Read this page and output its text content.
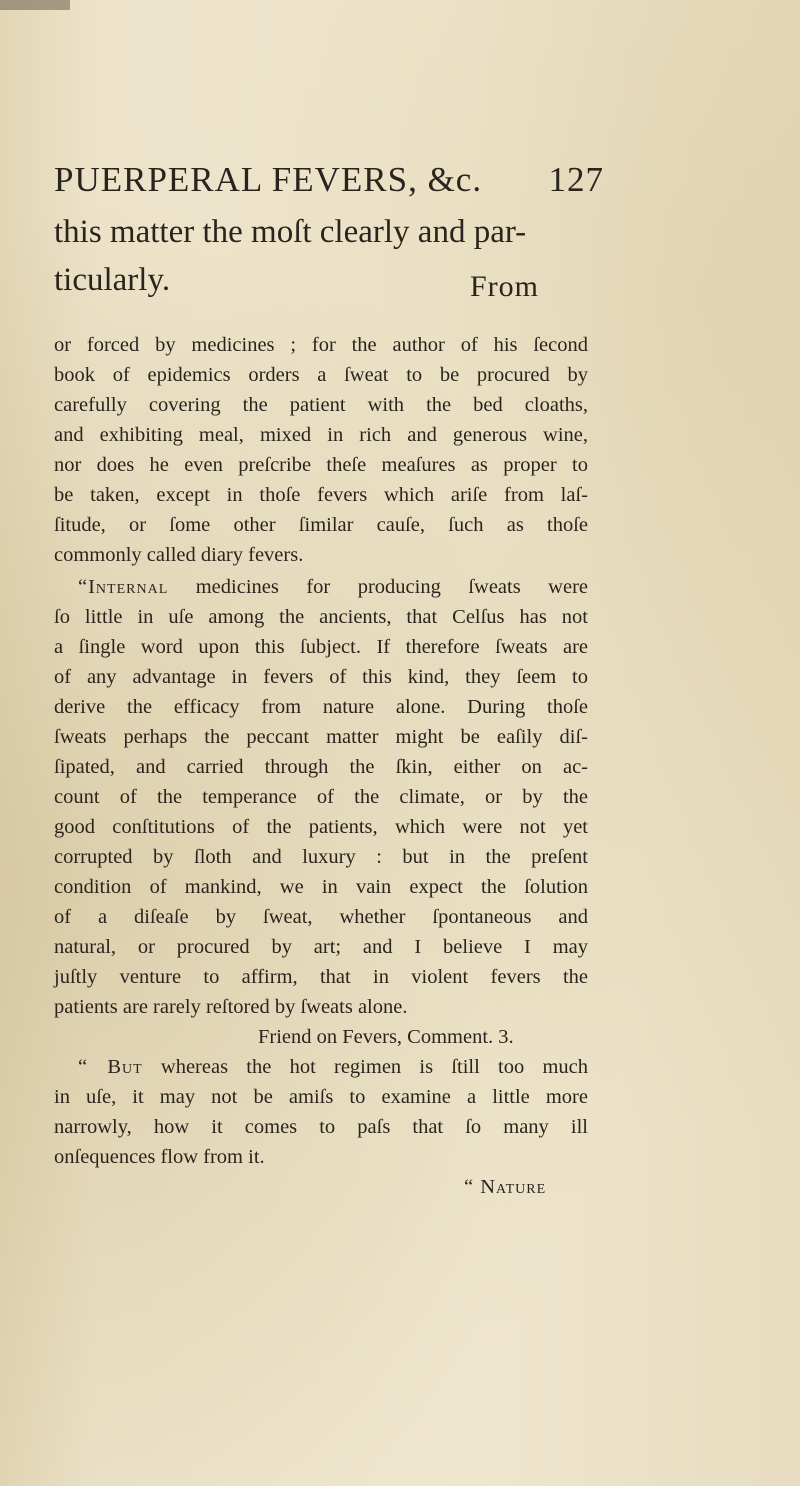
PUERPERAL FEVERS, &c. 127
this matter the moſt clearly and par-
ticularly.	From
or forced by medicines ; for the author of his ſecond
book of epidemics orders a ſweat to be procured by
carefully covering the patient with the bed cloaths,
and exhibiting meal, mixed in rich and generous wine,
nor does he even preſcribe theſe meaſures as proper to
be taken, except in thoſe fevers which ariſe from laſ-
ſitude, or ſome other ſimilar cauſe, ſuch as thoſe
commonly called diary fevers.
“Internal medicines for producing ſweats were
ſo little in uſe among the ancients, that Celſus has not
a ſingle word upon this ſubject. If therefore ſweats are
of any advantage in fevers of this kind, they ſeem to
derive the efficacy from nature alone. During thoſe
ſweats perhaps the peccant matter might be eaſily diſ-
ſipated, and carried through the ſkin, either on ac-
count of the temperance of the climate, or by the
good conſtitutions of the patients, which were not yet
corrupted by ſloth and luxury : but in the preſent
condition of mankind, we in vain expect the ſolution
of a diſeaſe by ſweat, whether ſpontaneous and
natural, or procured by art; and I believe I may
juſtly venture to affirm, that in violent fevers the
patients are rarely reſtored by ſweats alone.
Friend on Fevers, Comment. 3.
“ But whereas the hot regimen is ſtill too much
in uſe, it may not be amiſs to examine a little more
narrowly, how it comes to paſs that ſo many ill
onſequences flow from it.
“ Nature
